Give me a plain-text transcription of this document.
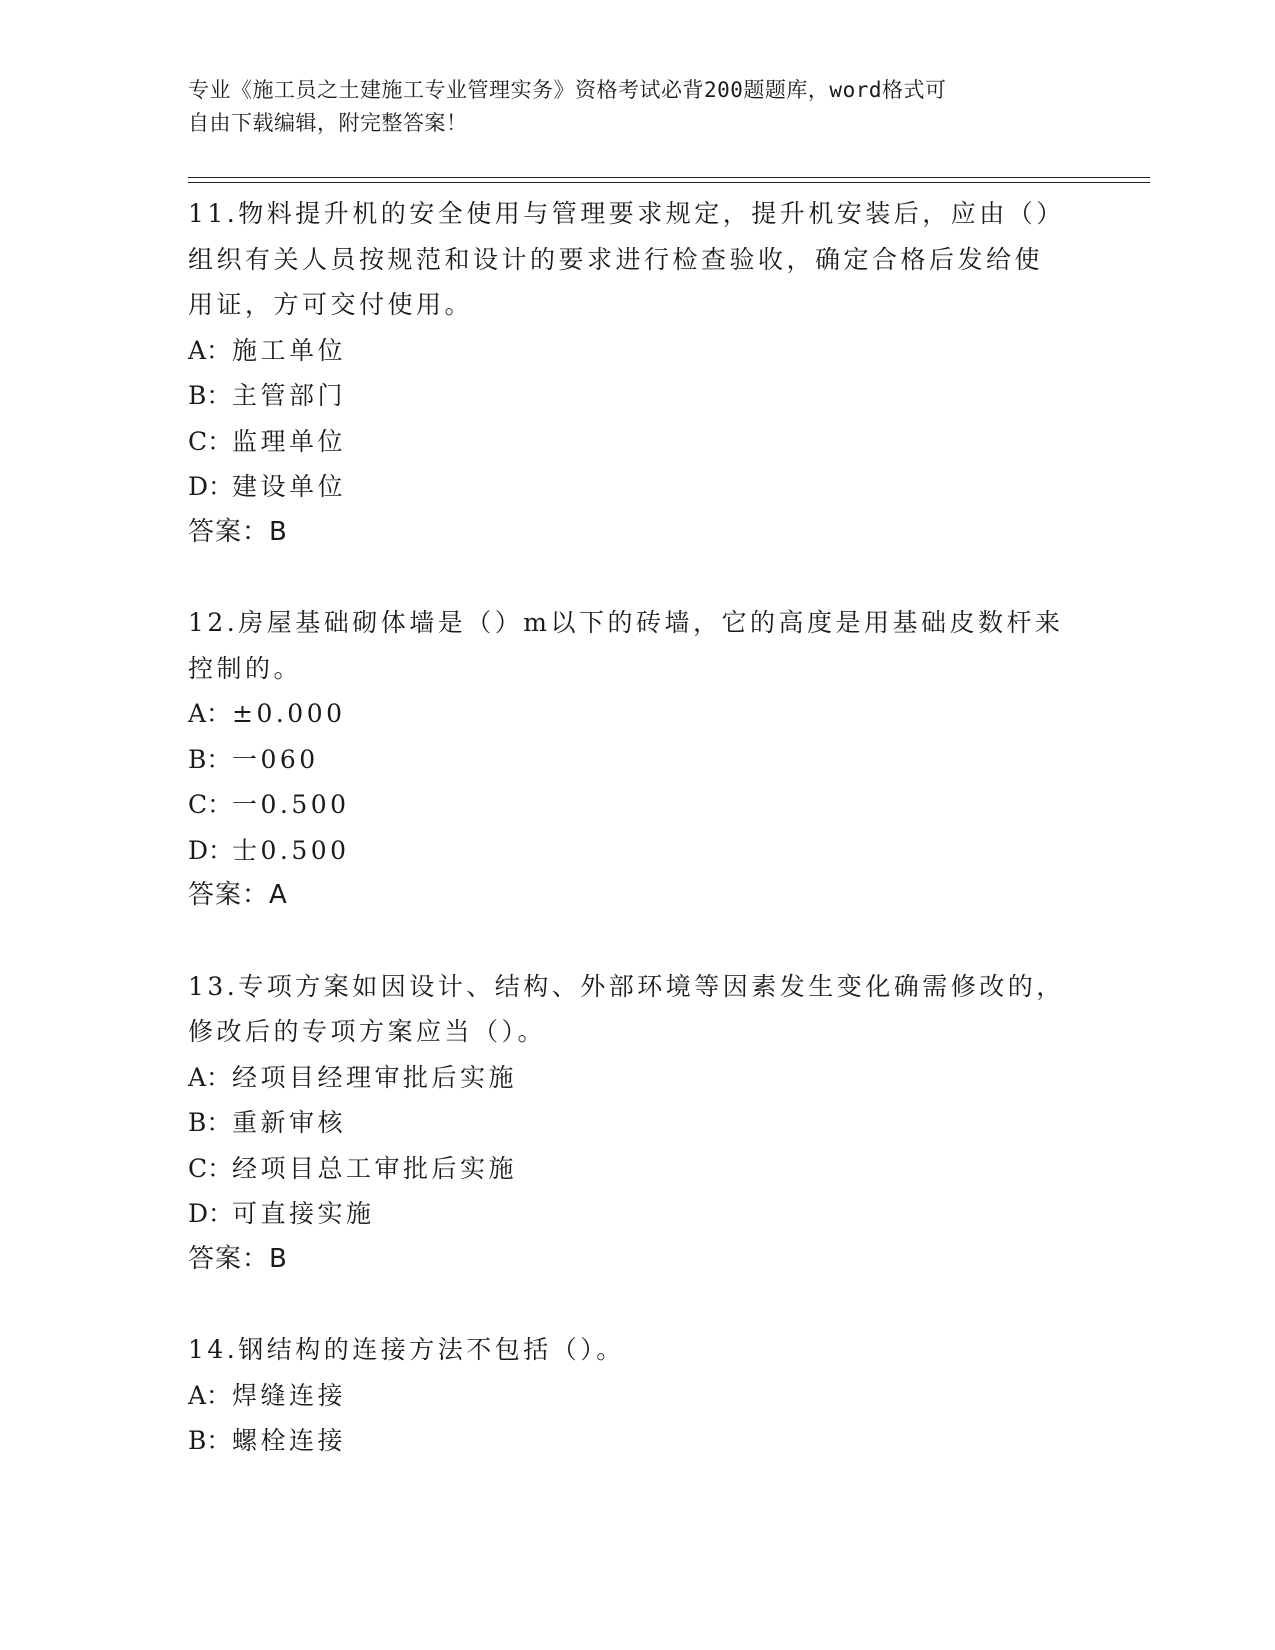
专业《施工员之土建施工专业管理实务》资格考试必背200题题库，word格式可
自由下载编辑，附完整答案！

11.物料提升机的安全使用与管理要求规定，提升机安装后，应由（）

组织有关人员按规范和设计的要求进行检查验收，确定合格后发给使

用证，方可交付使用。

A：施工单位

B：主管部门

C：监理单位

D：建设单位

答案：B

12.房屋基础砌体墙是（）m以下的砖墙，它的高度是用基础皮数杆来

控制的。

A：±0.000

B：一060

C：一0.500

D：士0.500

答案：A

13.专项方案如因设计、结构、外部环境等因素发生变化确需修改的，

修改后的专项方案应当（）。

A：经项目经理审批后实施

B：重新审核

C：经项目总工审批后实施

D：可直接实施

答案：B

14.钢结构的连接方法不包括（）。

A：焊缝连接

B：螺栓连接
